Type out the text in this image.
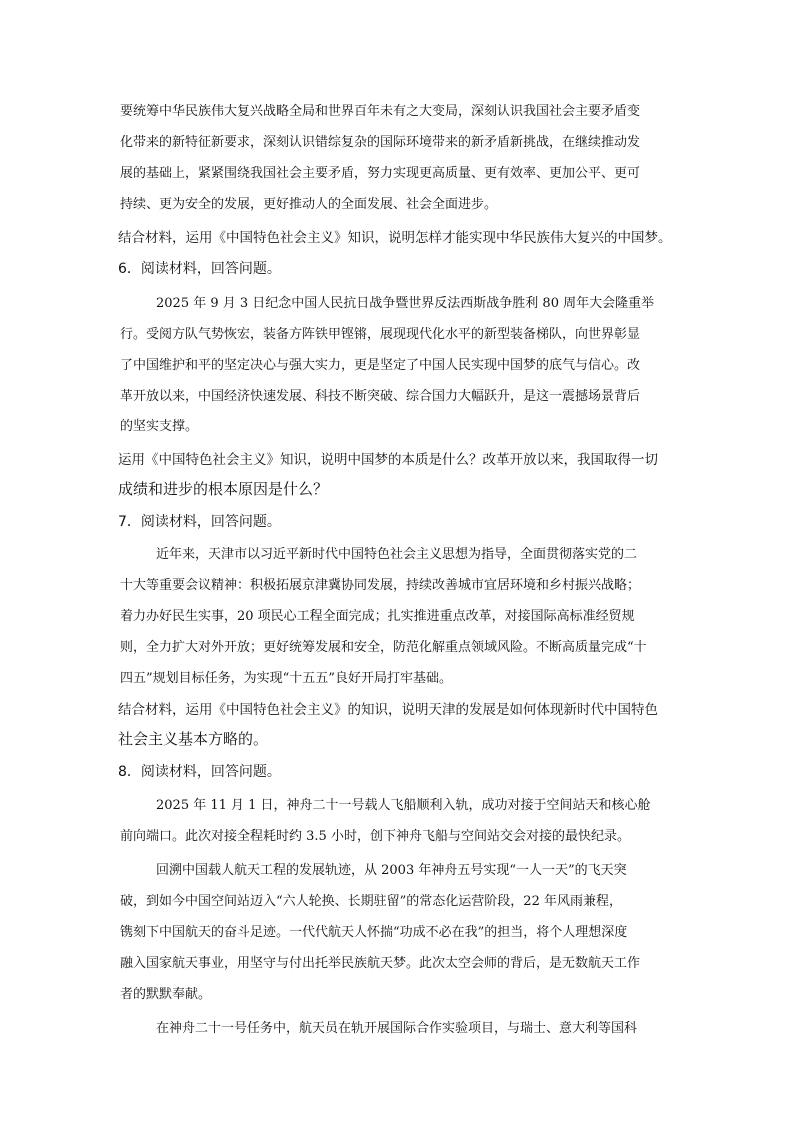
要统筹中华民族伟大复兴战略全局和世界百年未有之大变局，深刻认识我国社会主要矛盾变
化带来的新特征新要求，深刻认识错综复杂的国际环境带来的新矛盾新挑战，在继续推动发
展的基础上，紧紧围绕我国社会主要矛盾，努力实现更高质量、更有效率、更加公平、更可
持续、更为安全的发展，更好推动人的全面发展、社会全面进步。
结合材料，运用《中国特色社会主义》知识，说明怎样才能实现中华民族伟大复兴的中国梦。
6．阅读材料，回答问题。
2025 年 9 月 3 日纪念中国人民抗日战争暨世界反法西斯战争胜利 80 周年大会隆重举
行。受阅方队气势恢宏，装备方阵铁甲铿锵，展现现代化水平的新型装备梯队，向世界彰显
了中国维护和平的坚定决心与强大实力，更是坚定了中国人民实现中国梦的底气与信心。改
革开放以来，中国经济快速发展、科技不断突破、综合国力大幅跃升，是这一震撼场景背后
的坚实支撑。
运用《中国特色社会主义》知识，说明中国梦的本质是什么？改革开放以来，我国取得一切
成绩和进步的根本原因是什么？
7．阅读材料，回答问题。
近年来，天津市以习近平新时代中国特色社会主义思想为指导，全面贯彻落实党的二
十大等重要会议精神：积极拓展京津冀协同发展，持续改善城市宜居环境和乡村振兴战略；
着力办好民生实事，20 项民心工程全面完成；扎实推进重点改革，对接国际高标准经贸规
则，全力扩大对外开放；更好统筹发展和安全，防范化解重点领域风险。不断高质量完成“十
四五”规划目标任务，为实现“十五五”良好开局打牢基础。
结合材料，运用《中国特色社会主义》的知识，说明天津的发展是如何体现新时代中国特色
社会主义基本方略的。
8．阅读材料，回答问题。
2025 年 11 月 1 日，神舟二十一号载人飞船顺利入轨，成功对接于空间站天和核心舱
前向端口。此次对接全程耗时约 3.5 小时，创下神舟飞船与空间站交会对接的最快纪录。
回溯中国载人航天工程的发展轨迹，从 2003 年神舟五号实现“一人一天”的飞天突
破，到如今中国空间站迈入“六人轮换、长期驻留”的常态化运营阶段，22 年风雨兼程，
镌刻下中国航天的奋斗足迹。一代代航天人怀揣“功成不必在我”的担当，将个人理想深度
融入国家航天事业，用坚守与付出托举民族航天梦。此次太空会师的背后，是无数航天工作
者的默默奉献。
在神舟二十一号任务中，航天员在轨开展国际合作实验项目，与瑞士、意大利等国科
